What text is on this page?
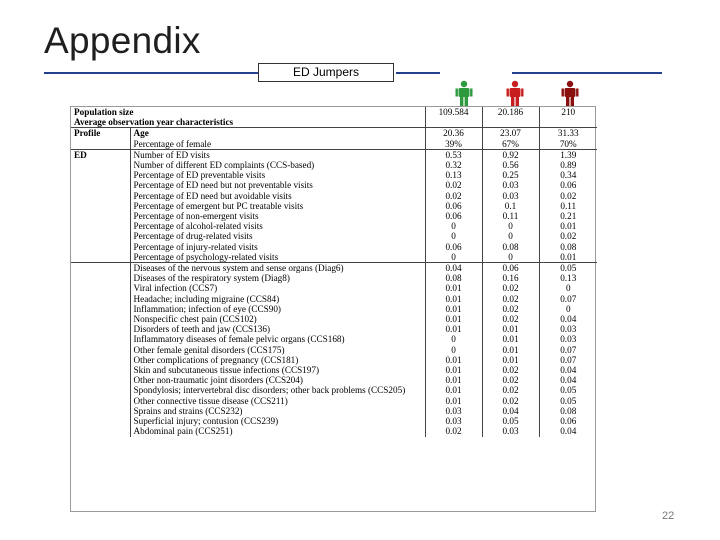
Appendix
ED Jumpers
Population size		109.584	20.186	210
Average observation year characteristics				
Profile	Age	20.36	23.07	31.33
	Percentage of female	39%	67%	70%
ED	Number of ED visits	0.53	0.92	1.39
	Number of different ED complaints (CCS-based)	0.32	0.56	0.89
	Percentage of ED preventable visits	0.13	0.25	0.34
	Percentage of ED need but not preventable visits	0.02	0.03	0.06
	Percentage of ED need but avoidable visits	0.02	0.03	0.02
	Percentage of emergent but PC treatable visits	0.06	0.1	0.11
	Percentage of non-emergent visits	0.06	0.11	0.21
	Percentage of alcohol-related visits	0	0	0.01
	Percentage of drug-related visits	0	0	0.02
	Percentage of injury-related visits	0.06	0.08	0.08
	Percentage of psychology-related visits	0	0	0.01
	Diseases of the nervous system and sense organs (Diag6)	0.04	0.06	0.05
	Diseases of the respiratory system (Diag8)	0.08	0.16	0.13
	Viral infection (CCS7)	0.01	0.02	0
	Headache; including migraine (CCS84)	0.01	0.02	0.07
	Inflammation; infection of eye (CCS90)	0.01	0.02	0
	Nonspecific chest pain (CCS102)	0.01	0.02	0.04
	Disorders of teeth and jaw (CCS136)	0.01	0.01	0.03
	Inflammatory diseases of female pelvic organs (CCS168)	0	0.01	0.03
	Other female genital disorders (CCS175)	0	0.01	0.07
	Other complications of pregnancy (CCS181)	0.01	0.01	0.07
	Skin and subcutaneous tissue infections (CCS197)	0.01	0.02	0.04
	Other non-traumatic joint disorders (CCS204)	0.01	0.02	0.04
	Spondylosis; intervertebral disc disorders; other back problems (CCS205)	0.01	0.02	0.05
	Other connective tissue disease (CCS211)	0.01	0.02	0.05
	Sprains and strains (CCS232)	0.03	0.04	0.08
	Superficial injury; contusion (CCS239)	0.03	0.05	0.06
	Abdominal pain (CCS251)	0.02	0.03	0.04
22
